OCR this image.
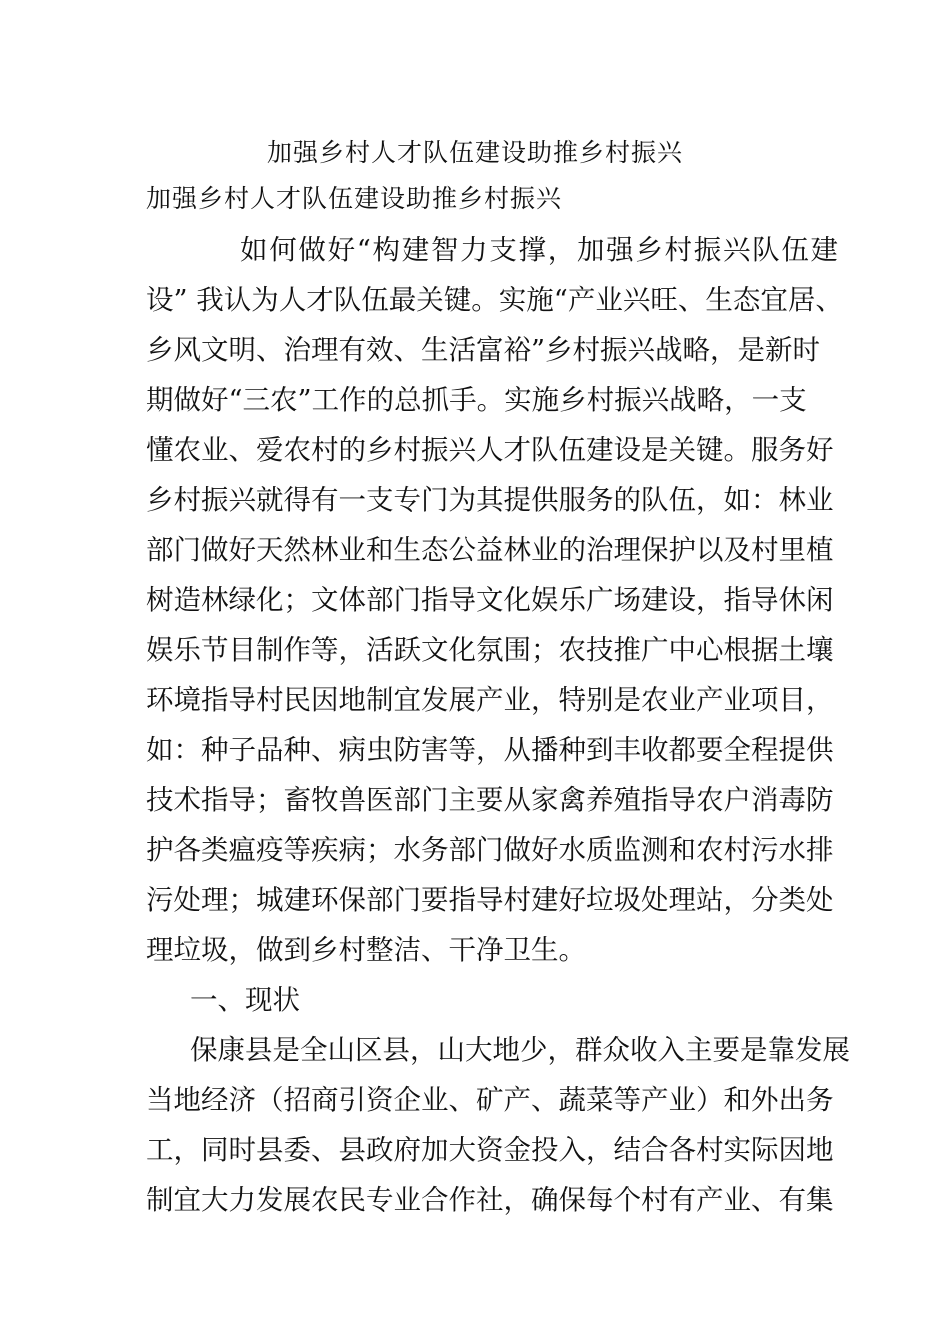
加强乡村人才队伍建设助推乡村振兴
加强乡村人才队伍建设助推乡村振兴
如何做好“构建智力支撑，加强乡村振兴队伍建
设” 我认为人才队伍最关键。实施“产业兴旺、生态宜居、
乡风文明、治理有效、生活富裕”乡村振兴战略，是新时
期做好“三农”工作的总抓手。实施乡村振兴战略，一支
懂农业、爱农村的乡村振兴人才队伍建设是关键。服务好
乡村振兴就得有一支专门为其提供服务的队伍，如：林业
部门做好天然林业和生态公益林业的治理保护以及村里植
树造林绿化；文体部门指导文化娱乐广场建设，指导休闲
娱乐节目制作等，活跃文化氛围；农技推广中心根据土壤
环境指导村民因地制宜发展产业，特别是农业产业项目，
如：种子品种、病虫防害等，从播种到丰收都要全程提供
技术指导；畜牧兽医部门主要从家禽养殖指导农户消毒防
护各类瘟疫等疾病；水务部门做好水质监测和农村污水排
污处理；城建环保部门要指导村建好垃圾处理站，分类处
理垃圾，做到乡村整洁、干净卫生。
一、现状
保康县是全山区县，山大地少，群众收入主要是靠发展
当地经济（招商引资企业、矿产、蔬菜等产业）和外出务
工，同时县委、县政府加大资金投入，结合各村实际因地
制宜大力发展农民专业合作社，确保每个村有产业、有集
